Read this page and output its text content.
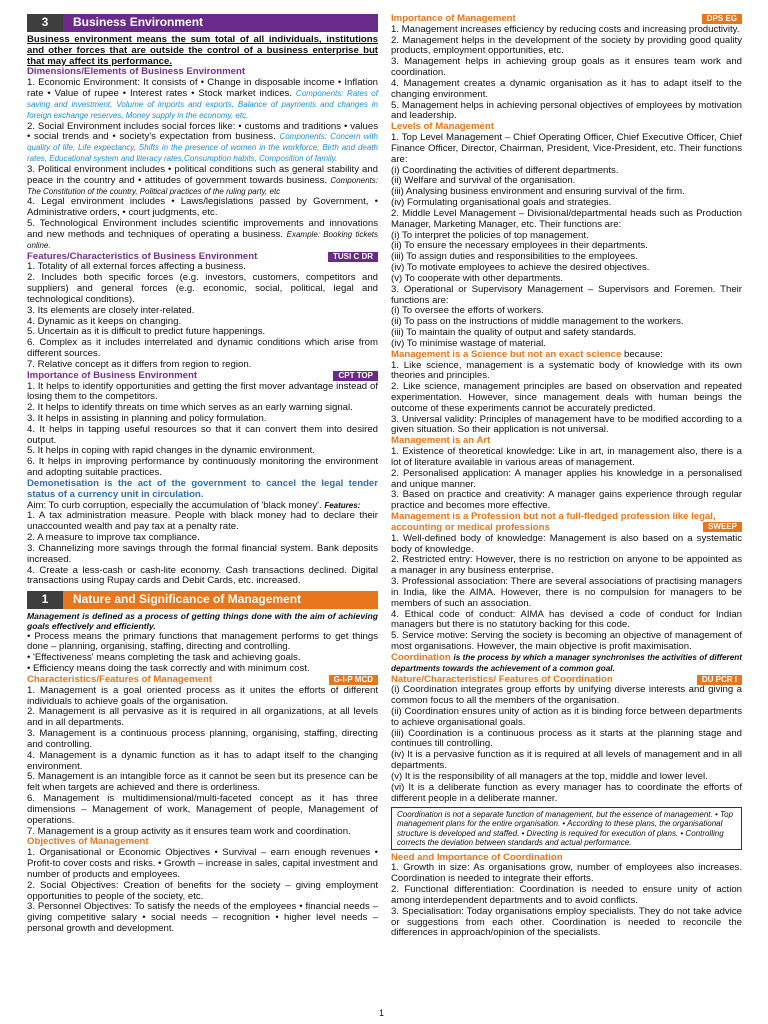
3	Business Environment

Business environment means the sum total of all individuals, institutions and other forces that are outside the control of a business enterprise but that may affect its performance.

Dimensions/Elements of Business Environment

1. Economic Environment: It consists of • Change in disposable income • Inflation rate • Value of rupee • Interest rates • Stock market indices. Components: Rates of saving and investment, Volume of imports and exports, Balance of payments and changes in foreign exchange reserves, Money supply in the economy, etc.

2. Social Environment includes social forces like: • customs and traditions • values • social trends and • society's expectation from business. Components: Concern with quality of life, Life expectancy, Shifts in the presence of women in the workforce, Birth and death rates, Educational system and literacy rates,Consumption habits, Composition of family.

3. Political environment includes • political conditions such as general stability and peace in the country and • attitudes of government towards business. Components: The Constitution of the country, Political practices of the ruling party, etc

4. Legal environment includes • Laws/legislations passed by Government, • Administrative orders, • court judgments, etc.

5. Technological Environment includes scientific improvements and innovations and new methods and techniques of operating a business. Example: Booking tickets online.

Features/Characteristics of Business Environment	TUSI C DR

1. Totality of all external forces affecting a business.

2. Includes both specific forces (e.g. investors, customers, competitors and suppliers) and general forces (e.g. economic, social, political, legal and technological conditions).

3. Its elements are closely inter-related.

4. Dynamic as it keeps on changing.

5. Uncertain as it is difficult to predict future happenings.

6. Complex as it includes interrelated and dynamic conditions which arise from different sources.

7. Relative concept as it differs from region to region.

Importance of Business Environment	CPT TOP

1. It helps to identify opportunities and getting the first mover advantage instead of losing them to the competitors.

2. It helps to identify threats on time which serves as an early warning signal.

3. It helps in assisting in planning and policy formulation.

4. It helps in tapping useful resources so that it can convert them into desired output.

5. It helps in coping with rapid changes in the dynamic environment.

6. It helps in improving performance by continuously monitoring the environment and adopting suitable practices.

Demonetisation is the act of the government to cancel the legal tender status of a currency unit in circulation.

Aim: To curb corruption, especially the accumulation of 'black money'. Features:

1. A tax administration measure. People with black money had to declare their unaccounted wealth and pay tax at a penalty rate.

2. A measure to improve tax compliance.

3. Channelizing more savings through the formal financial system. Bank deposits increased.

4. Create a less-cash or cash-lite economy. Cash transactions declined. Digital transactions using Rupay cards and Debit Cards, etc. increased.

1	Nature and Significance of Management

Management is defined as a process of getting things done with the aim of achieving goals effectively and efficiently.

• Process means the primary functions that management performs to get things done – planning, organising, staffing, directing and controlling.

• 'Effectiveness' means completing the task and achieving goals.

• Efficiency means doing the task correctly and with minimum cost.

Characteristics/Features of Management	G-I-P MCD

1. Management is a goal oriented process as it unites the efforts of different individuals to achieve goals of the organisation.

2. Management is all pervasive as it is required in all organizations, at all levels and in all departments.

3. Management is a continuous process planning, organising, staffing, directing and controlling.

4. Management is a dynamic function as it has to adapt itself to the changing environment.

5. Management is an intangible force as it cannot be seen but its presence can be felt when targets are achieved and there is orderliness.

6. Management is multidimensional/multi-faceted concept as it has three dimensions – Management of work, Management of people, Management of operations.

7. Management is a group activity as it ensures team work and coordination.

Objectives of Management

1. Organisational or Economic Objectives • Survival – earn enough revenues • Profit-to cover costs and risks. • Growth – increase in sales, capital investment and number of products and employees.

2. Social Objectives: Creation of benefits for the society – giving employment opportunities to people of the society, etc.

3. Personnel Objectives: To satisfy the needs of the employees • financial needs – giving competitive salary • social needs – recognition • higher level needs – personal growth and development.

Importance of Management	DPS EG

1. Management increases efficiency by reducing costs and increasing productivity.

2. Management helps in the development of the society by providing good quality products, employment opportunities, etc.

3. Management helps in achieving group goals as it ensures team work and coordination.

4. Management creates a dynamic organisation as it has to adapt itself to the changing environment.

5. Management helps in achieving personal objectives of employees by motivation and leadership.

Levels of Management

1. Top Level Management – Chief Operating Officer, Chief Executive Officer, Chief Finance Officer, Director, Chairman, President, Vice-President, etc. Their functions are:

(i) Coordinating the activities of different departments.

(ii) Welfare and survival of the organisation.

(iii) Analysing business environment and ensuring survival of the firm.

(iv) Formulating organisational goals and strategies.

2. Middle Level Management – Divisional/departmental heads such as Production Manager, Marketing Manager, etc. Their functions are:

(i) To interpret the policies of top management.

(ii) To ensure the necessary employees in their departments.

(iii) To assign duties and responsibilities to the employees.

(iv) To motivate employees to achieve the desired objectives.

(v) To cooperate with other departments.

3. Operational or Supervisory Management – Supervisors and Foremen. Their functions are:

(i) To oversee the efforts of workers.

(ii) To pass on the instructions of middle management to the workers.

(iii) To maintain the quality of output and safety standards.

(iv) To minimise wastage of material.

Management is a Science but not an exact science because:

1. Like science, management is a systematic body of knowledge with its own theories and principles.

2. Like science, management principles are based on observation and repeated experimentation. However, since management deals with human beings the outcome of these experiments cannot be accurately predicted.

3. Universal validity: Principles of management have to be modified according to a given situation. So their application is not universal.

Management is an Art

1. Existence of theoretical knowledge: Like in art, in management also, there is a lot of literature available in various areas of management.

2. Personalised application: A manager applies his knowledge in a personalised and unique manner.

3. Based on practice and creativity: A manager gains experience through regular practice and becomes more effective.

Management is a Profession but not a full-fledged profession like legal, accounting or medical professions	SWEEP

1. Well-defined body of knowledge: Management is also based on a systematic body of knowledge.

2. Restricted entry: However, there is no restriction on anyone to be appointed as a manager in any business enterprise.

3. Professional association: There are several associations of practising managers in India, like the AIMA. However, there is no compulsion for managers to be members of such an association.

4. Ethical code of conduct: AIMA has devised a code of conduct for Indian managers but there is no statutory backing for this code.

5. Service motive: Serving the society is becoming an objective of management of most organisations. However, the main objective is profit maximisation.

Coordination is the process by which a manager synchronises the activities of different departments towards the achievement of a common goal.

Nature/Characteristics/ Features of Coordination	DU PCR I

(i) Coordination integrates group efforts by unifying diverse interests and giving a common focus to all the members of the organisation.

(ii) Coordination ensures unity of action as it is binding force between departments to achieve organisational goals.

(iii) Coordination is a continuous process as it starts at the planning stage and continues till controlling.

(iv) It is a pervasive function as it is required at all levels of management and in all departments.

(v) It is the responsibility of all managers at the top, middle and lower level.

(vi) It is a deliberate function as every manager has to coordinate the efforts of different people in a deliberate manner.

Coordination is not a separate function of management, but the essence of management. • Top management plans for the entire organisation. • According to these plans, the organisational structure is developed and staffed. • Directing is required for execution of plans. • Controlling corrects the deviation between standards and actual performance.
Need and Importance of Coordination

1. Growth in size: As organisations grow, number of employees also increases. Coordination is needed to integrate their efforts.

2. Functional differentiation: Coordination is needed to ensure unity of action among interdependent departments and to avoid conflicts.

3. Specialisation: Today organisations employ specialists. They do not take advice or suggestions from each other. Coordination is needed to reconcile the differences in approach/opinion of the specialists.

1
